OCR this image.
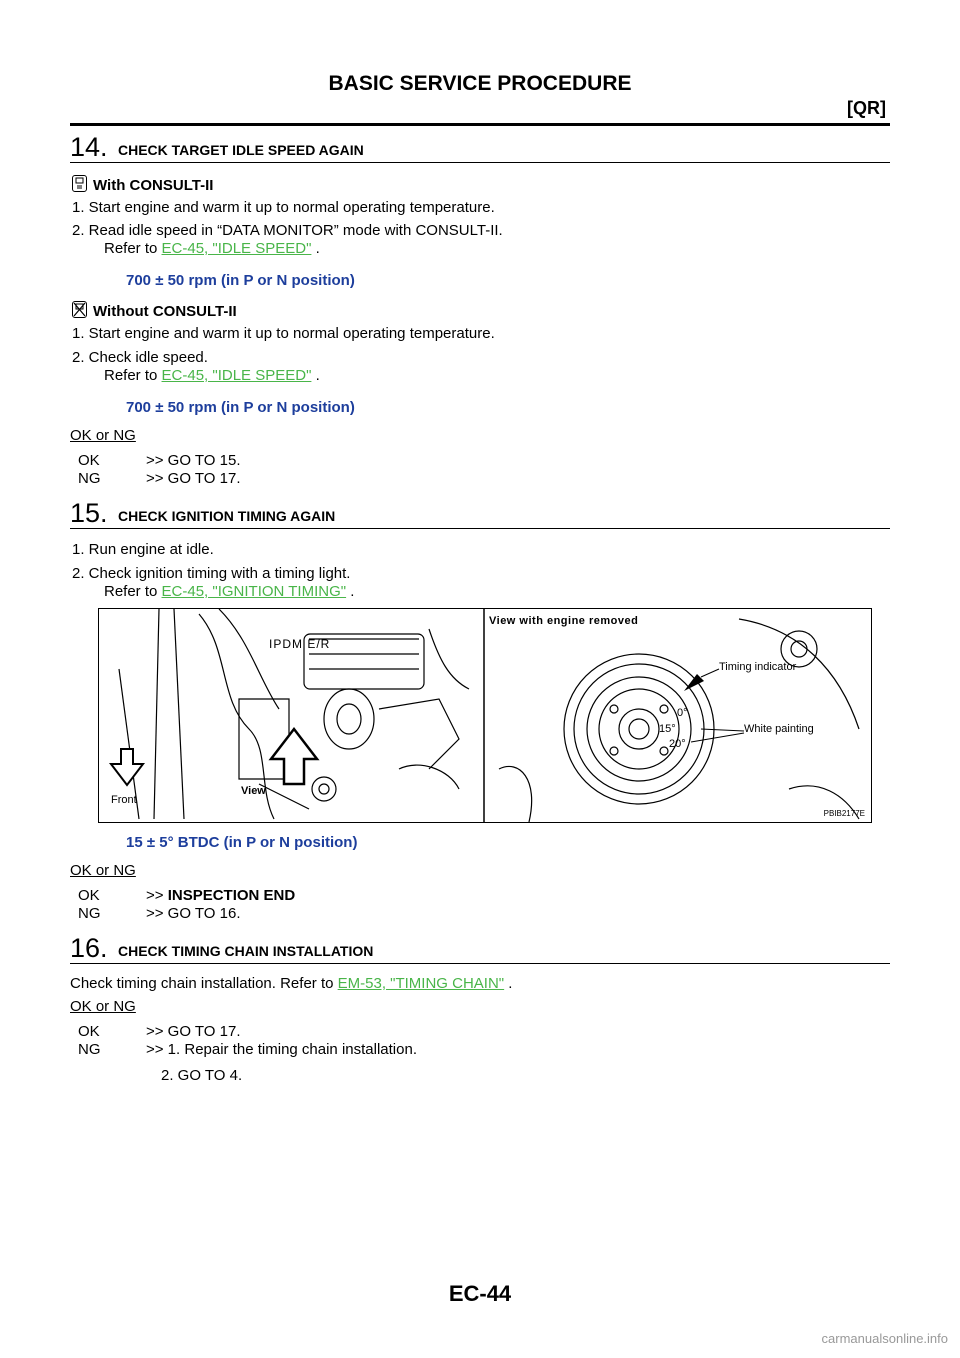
BASIC SERVICE PROCEDURE
[QR]
14. CHECK TARGET IDLE SPEED AGAIN
With CONSULT-II
1. Start engine and warm it up to normal operating temperature.
2. Read idle speed in “DATA MONITOR” mode with CONSULT-II.
Refer to EC-45, "IDLE SPEED" .
700 ± 50 rpm (in P or N position)
Without CONSULT-II
1. Start engine and warm it up to normal operating temperature.
2. Check idle speed.
Refer to EC-45, "IDLE SPEED" .
700 ± 50 rpm (in P or N position)
OK or NG
OK	>> GO TO 15.
NG	>> GO TO 17.
15. CHECK IGNITION TIMING AGAIN
1. Run engine at idle.
2. Check ignition timing with a timing light.
Refer to EC-45, "IGNITION TIMING" .
IPDM E/R
View
Front
View with engine removed
Timing indicator
White painting
0°
15°
20°
PBIB2177E
15 ± 5° BTDC (in P or N position)
OK or NG
OK	>> INSPECTION END
NG	>> GO TO 16.
16. CHECK TIMING CHAIN INSTALLATION
Check timing chain installation. Refer to EM-53, "TIMING CHAIN" .
OK or NG
OK	>> GO TO 17.
NG	>> 1. Repair the timing chain installation.
2. GO TO 4.
EC-44
carmanualsonline.info
